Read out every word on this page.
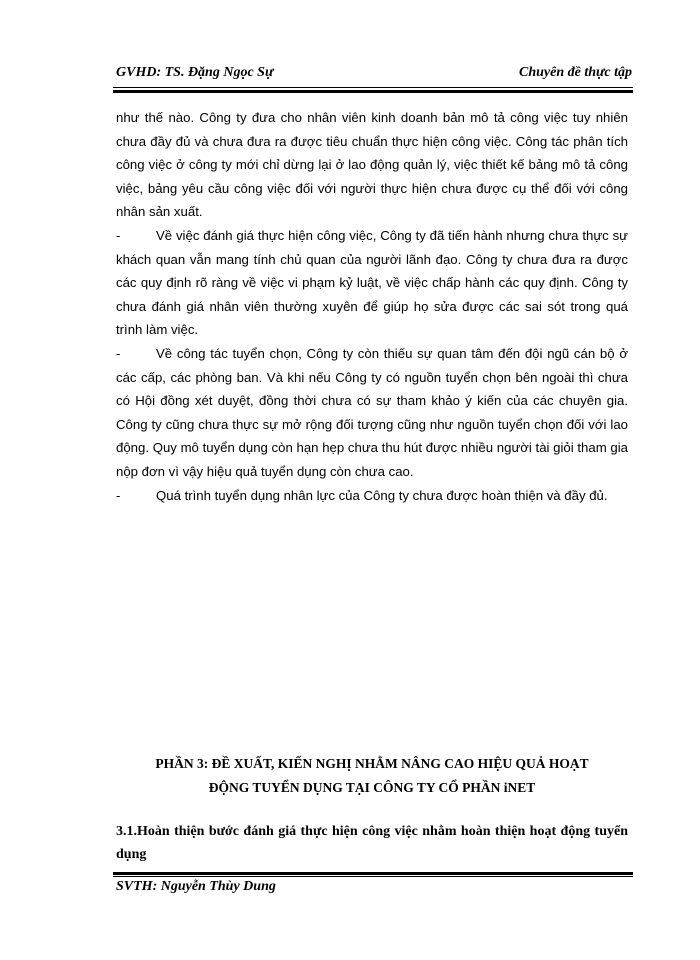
GVHD: TS. Đặng Ngọc Sự	Chuyên đề thực tập

như thế nào. Công ty đưa cho nhân viên kinh doanh bản mô tả công việc tuy nhiên chưa đầy đủ và chưa đưa ra được tiêu chuẩn thực hiện công việc. Công tác phân tích công việc ở công ty mới chỉ dừng lại ở lao động quản lý, việc thiết kế bảng mô tả công việc, bảng yêu cầu công việc đối với người thực hiện chưa được cụ thể đối với công nhân sản xuất.

-	Về việc đánh giá thực hiện công việc, Công ty đã tiến hành nhưng chưa thực sự khách quan vẫn mang tính chủ quan của người lãnh đạo. Công ty chưa đưa ra được các quy định rõ ràng về việc vi phạm kỷ luật, về việc chấp hành các quy định. Công ty chưa đánh giá nhân viên thường xuyên để giúp họ sửa được các sai sót trong quá trình làm việc.

-	Về công tác tuyển chọn, Công ty còn thiếu sự quan tâm đến đội ngũ cán bộ ở các cấp, các phòng ban. Và khi nếu Công ty có nguồn tuyển chọn bên ngoài thì chưa có Hội đồng xét duyệt, đồng thời chưa có sự tham khảo ý kiến của các chuyên gia. Công ty cũng chưa thực sự mở rộng đối tượng cũng như nguồn tuyển chọn đối với lao động. Quy mô tuyển dụng còn hạn hẹp chưa thu hút được nhiều người tài giỏi tham gia nộp đơn vì vậy hiệu quả tuyển dụng còn chưa cao.

-	Quá trình tuyển dụng nhân lực của Công ty chưa được hoàn thiện và đầy đủ.

PHẦN 3: ĐỀ XUẤT, KIẾN NGHỊ NHẰM NÂNG CAO HIỆU QUẢ HOẠT
ĐỘNG TUYỂN DỤNG TẠI CÔNG TY CỔ PHẦN iNET
3.1.Hoàn thiện bước đánh giá thực hiện công việc nhằm hoàn thiện hoạt động tuyển dụng
SVTH: Nguyễn Thùy Dung
